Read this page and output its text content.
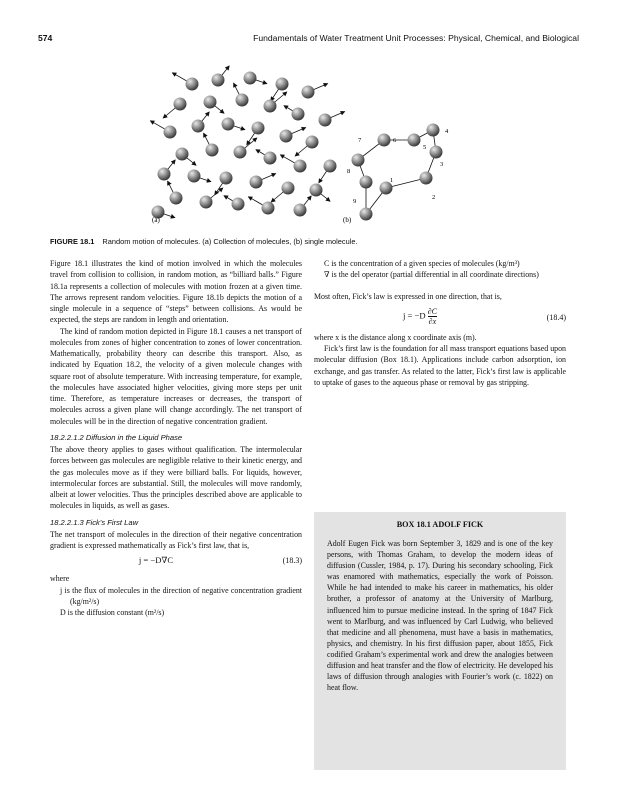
574	Fundamentals of Water Treatment Unit Processes: Physical, Chemical, and Biological
(a)	(b)
1
2
3
4
5
6
7
8
9
FIGURE 18.1 Random motion of molecules. (a) Collection of molecules, (b) single molecule.

Figure 18.1 illustrates the kind of motion involved in which the molecules travel from collision to collision, in random motion, as “billiard balls.” Figure 18.1a represents a collection of molecules with motion frozen at a given time. The arrows represent random velocities. Figure 18.1b depicts the motion of a single molecule in a sequence of “steps” between collisions. As would be expected, the steps are random in length and orientation.

The kind of random motion depicted in Figure 18.1 causes a net transport of molecules from zones of higher concentration to zones of lower concentration. Mathematically, probability theory can describe this transport. Also, as indicated by Equation 18.2, the velocity of a given molecule changes with square root of absolute temperature. With increasing temperature, for example, the molecules have associated higher velocities, giving more steps per unit time. Therefore, as temperature increases or decreases, the transport of molecules across a given plane will change accordingly. The net transport of molecules will be in the direction of negative concentration gradient.

18.2.2.1.2 Diffusion in the Liquid Phase

The above theory applies to gases without qualification. The intermolecular forces between gas molecules are negligible relative to their kinetic energy, and the gas molecules move as if they were billiard balls. For liquids, however, intermolecular forces are substantial. Still, the molecules will move randomly, albeit at lower velocities. Thus the principles described above are applicable to molecules in liquids, as well as gases.

18.2.2.1.3 Fick’s First Law

The net transport of molecules in the direction of their negative concentration gradient is expressed mathematically as Fick’s first law, that is,

j = −D∇C	(18.3)

where

j is the flux of molecules in the direction of negative concentration gradient (kg/m²/s)
D is the diffusion constant (m²/s)
C is the concentration of a given species of molecules (kg/m³)
∇ is the del operator (partial differential in all coordinate directions)

Most often, Fick’s law is expressed in one direction, that is,

$j = -D \frac{\partial C}{\partial x}$	(18.4)

where x is the distance along x coordinate axis (m).

Fick’s first law is the foundation for all mass transport equations based upon molecular diffusion (Box 18.1). Applications include carbon adsorption, ion exchange, and gas transfer. As related to the latter, Fick’s first law is applicable to uptake of gases to the aqueous phase or removal by gas stripping.

BOX 18.1 ADOLF FICK
Adolf Eugen Fick was born September 3, 1829 and is one of the key persons, with Thomas Graham, to develop the modern ideas of diffusion (Cussler, 1984, p. 17). During his secondary schooling, Fick was enamored with mathematics, especially the work of Poisson. While he had intended to make his career in mathematics, his older brother, a professor of anatomy at the University of Marlburg, influenced him to pursue medicine instead. In the spring of 1847 Fick went to Marlburg, and was influenced by Carl Ludwig, who believed that medicine and all phenomena, must have a basis in mathematics, physics, and chemistry. In his first diffusion paper, about 1855, Fick codified Graham’s experimental work and drew the analogies between diffusion and heat transfer and the flow of electricity. He developed his laws of diffusion through analogies with Fourier’s work (c. 1822) on heat flow.
